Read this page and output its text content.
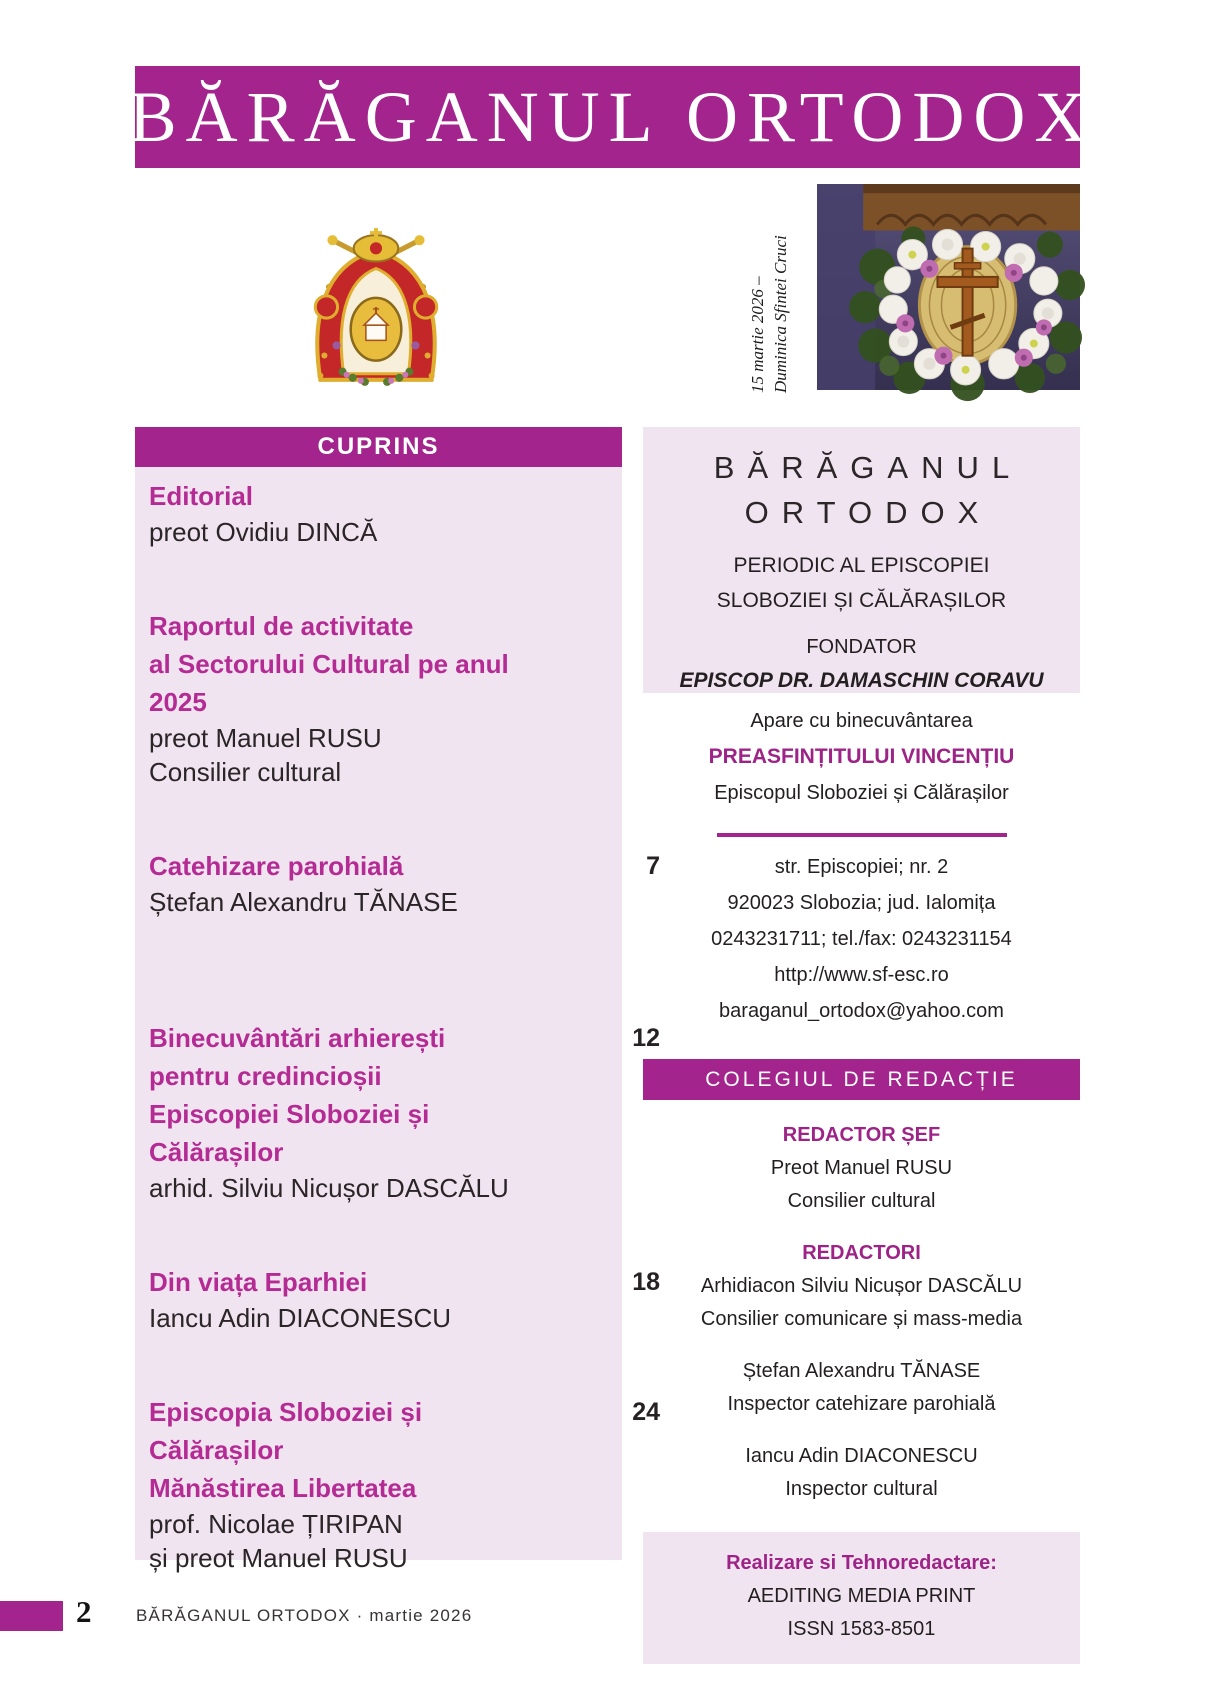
BĂRĂGANUL ORTODOX
15 martie 2026 – Duminica Sfintei Cruci
CUPRINS
Editorial
preot Ovidiu DINCĂ
Raportul de activitate
al Sectorului Cultural pe anul 2025
preot Manuel RUSU
Consilier cultural
Catehizare parohială
Ștefan Alexandru TĂNASE
7
Binecuvântări arhierești
pentru credincioșii
Episcopiei Sloboziei și Călărașilor
arhid. Silviu Nicușor DASCĂLU
12
Din viața Eparhiei
Iancu Adin DIACONESCU
18
Episcopia Sloboziei și Călărașilor
Mănăstirea Libertatea
prof. Nicolae ȚIRIPAN
și preot Manuel RUSU
24
BĂRĂGANUL
ORTODOX
PERIODIC AL EPISCOPIEI
SLOBOZIEI ȘI CĂLĂRAȘILOR
FONDATOR
EPISCOP DR. DAMASCHIN CORAVU
Apare cu binecuvântarea
PREASFINȚITULUI VINCENȚIU
Episcopul Sloboziei și Călărașilor
str. Episcopiei; nr. 2
920023 Slobozia; jud. Ialomița
0243231711; tel./fax: 0243231154
http://www.sf-esc.ro
baraganul_ortodox@yahoo.com
COLEGIUL DE REDACȚIE
REDACTOR ȘEF
Preot Manuel RUSU
Consilier cultural
REDACTORI
Arhidiacon Silviu Nicușor DASCĂLU
Consilier comunicare și mass-media
Ștefan Alexandru TĂNASE
Inspector catehizare parohială
Iancu Adin DIACONESCU
Inspector cultural
Realizare si Tehnoredactare:
AEDITING MEDIA PRINT
ISSN 1583-8501
2	BĂRĂGANUL ORTODOX · martie 2026
